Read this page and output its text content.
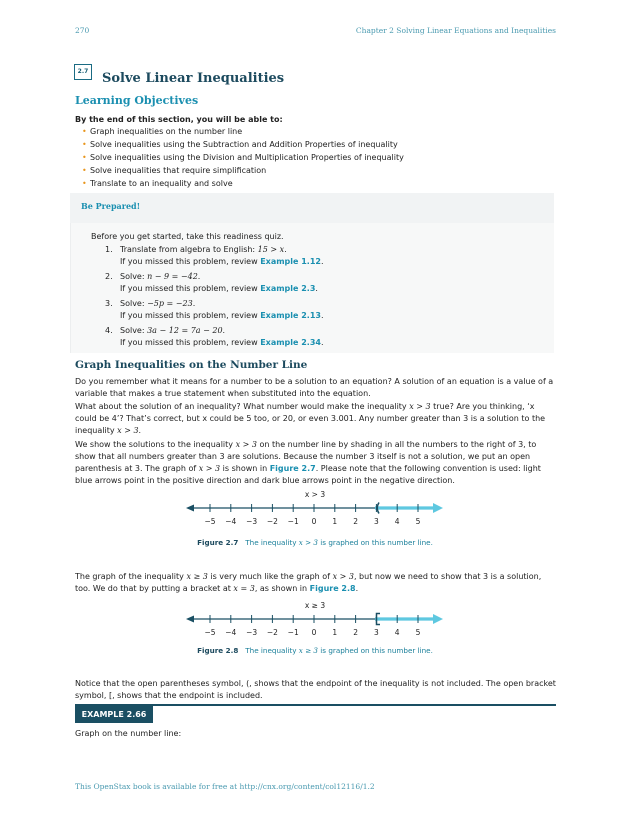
270	Chapter 2 Solving Linear Equations and Inequalities
2.7 Solve Linear Inequalities
Learning Objectives
By the end of this section, you will be able to:
• Graph inequalities on the number line
• Solve inequalities using the Subtraction and Addition Properties of inequality
• Solve inequalities using the Division and Multiplication Properties of inequality
• Solve inequalities that require simplification
• Translate to an inequality and solve
Be Prepared!
Before you get started, take this readiness quiz.
1. Translate from algebra to English: 15 > x.
If you missed this problem, review Example 1.12.
2. Solve: n − 9 = −42.
If you missed this problem, review Example 2.3.
3. Solve: −5p = −23.
If you missed this problem, review Example 2.13.
4. Solve: 3a − 12 = 7a − 20.
If you missed this problem, review Example 2.34.
Graph Inequalities on the Number Line
Do you remember what it means for a number to be a solution to an equation? A solution of an equation is a value of a variable that makes a true statement when substituted into the equation.
What about the solution of an inequality? What number would make the inequality x > 3 true? Are you thinking, ‘x could be 4’? That’s correct, but x could be 5 too, or 20, or even 3.001. Any number greater than 3 is a solution to the inequality x > 3.
We show the solutions to the inequality x > 3 on the number line by shading in all the numbers to the right of 3, to show that all numbers greater than 3 are solutions. Because the number 3 itself is not a solution, we put an open parenthesis at 3. The graph of x > 3 is shown in Figure 2.7. Please note that the following convention is used: light blue arrows point in the positive direction and dark blue arrows point in the negative direction.
x > 3
−5 −4 −3 −2 −1 0 1 2 3 4 5
Figure 2.7 The inequality x > 3 is graphed on this number line.
The graph of the inequality x ≥ 3 is very much like the graph of x > 3, but now we need to show that 3 is a solution, too. We do that by putting a bracket at x = 3, as shown in Figure 2.8.
x ≥ 3
−5 −4 −3 −2 −1 0 1 2 3 4 5
Figure 2.8 The inequality x ≥ 3 is graphed on this number line.
Notice that the open parentheses symbol, (, shows that the endpoint of the inequality is not included. The open bracket symbol, [, shows that the endpoint is included.
EXAMPLE 2.66
Graph on the number line:
This OpenStax book is available for free at http://cnx.org/content/col12116/1.2
